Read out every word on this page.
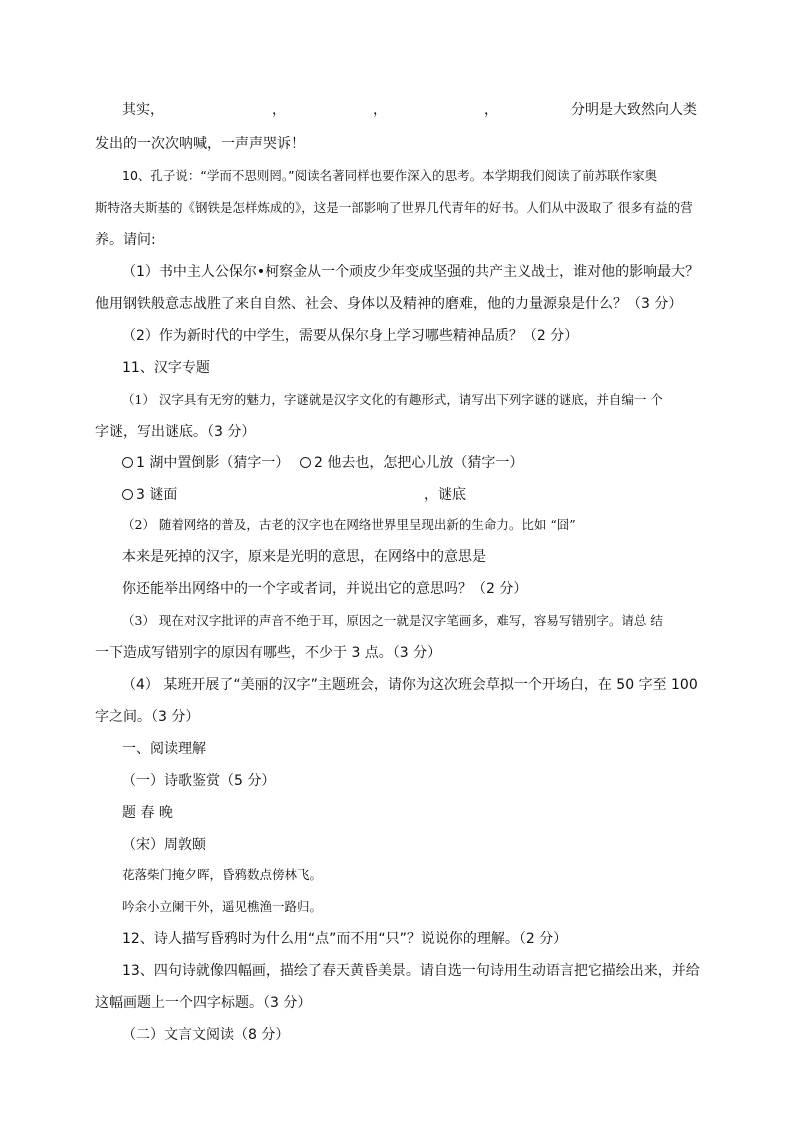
其实，	，	，	，	分明是大致然向人类
发出的一次次呐喊，一声声哭诉！
10、孔子说：“学而不思则罔。”阅读名著同样也要作深入的思考。本学期我们阅读了前苏联作家奥
斯特洛夫斯基的《钢铁是怎样炼成的》，这是一部影响了世界几代青年的好书。人们从中汲取了 很多有益的营
养。请问:
（1）书中主人公保尔•柯察金从一个顽皮少年变成坚强的共产主义战士，谁对他的影响最大？
他用钢铁般意志战胜了来自自然、社会、身体以及精神的磨难，他的力量源泉是什么？（3 分）
（2）作为新时代的中学生，需要从保尔身上学习哪些精神品质？（2 分）
11、汉字专题
（1） 汉字具有无穷的魅力，字谜就是汉字文化的有趣形式，请写出下列字谜的谜底，并自编一 个
字谜，写出谜底。（3 分）
1 湖中置倒影（猜字一）	2 他去也，怎把心儿放（猜字一）
3 谜面	，谜底
（2） 随着网络的普及，古老的汉字也在网络世界里呈现出新的生命力。比如 “囧”
本来是死掉的汉字，原来是光明的意思，在网络中的意思是
你还能举出网络中的一个字或者词，并说出它的意思吗？（2 分）
（3） 现在对汉字批评的声音不绝于耳，原因之一就是汉字笔画多，难写，容易写错别字。请总 结
一下造成写错别字的原因有哪些，不少于 3 点。（3 分）
（4） 某班开展了“美丽的汉字”主题班会，请你为这次班会草拟一个开场白，在 50 字至 100
字之间。（3 分）
一、阅读理解
（一）诗歌鉴赏（5 分）
题 春 晚
（宋）周敦颐
花落柴门掩夕晖，昏鸦数点傍林飞。
吟余小立阑干外，遥见樵渔一路归。
12、诗人描写昏鸦时为什么用“点”而不用“只”？说说你的理解。（2 分）
13、四句诗就像四幅画，描绘了春天黄昏美景。请自选一句诗用生动语言把它描绘出来，并给
这幅画题上一个四字标题。（3 分）
（二）文言文阅读（8 分）
